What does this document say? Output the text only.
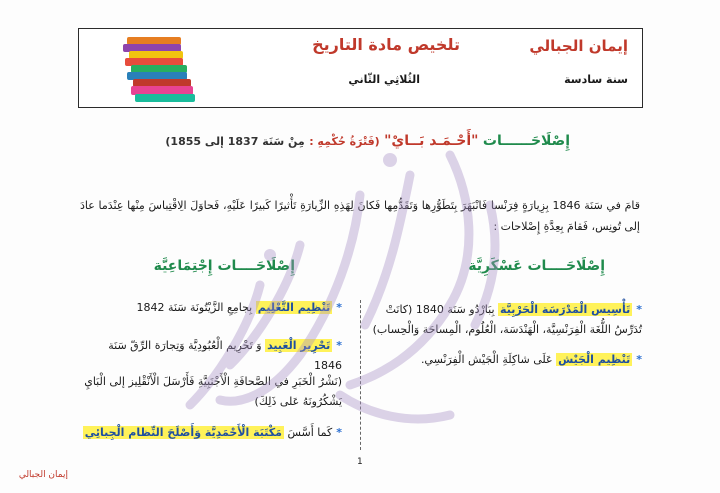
إيمان الجبالي
سنة سادسة
تلخيص مادة التاريخ
الثُلاثِي الثّاني
إِصْلَاحَــــــات "أَحْـمَـد بَــايْ" (فَتْرَةُ حُكْمِهِ : مِنْ سَنَة 1837 إلى 1855)
قامَ في سَنَة 1846 بِزِيارَةٍ فِرَنْسا فَانْبَهَرَ بِتَطَوُّرِها وَتَقَدُّمِها فَكانَ لِهَذِهِ الزِّيارَةِ تَأْثيرًا كَبيرًا عَلَيْهِ، فَحاوَلَ الِاقْتِباسَ مِنْها عِنْدَما عادَ إلى تُونِس، فَقامَ بِعِدَّةِ إِصْلاحات :
إِصْلَاحَــــات عَسْكَرِيَّة
إِصْلَاحَــــات إِجْتِمَاعِيَّة
*تَأْسِيس الْمَدْرَسَة الْحَرْبِيَّة بِبَارْدُو سَنَة 1840 (كانَتْ تُدَرِّسُ اللُّغَة الْفِرَنْسِيَّة، الْهَنْدَسَة، الْعُلُوم، الْمِساحَة وَالْحِساب)
*تَنْظِيم الْجَيْش عَلَى شاكِلَةِ الْجَيْش الْفِرَنْسِي.
*تَنْظِيم التَّعْلِيم بِجامِعِ الزَّيْتُونَة سَنَة 1842
*تَحْرِير الْعَبِيد وَ تَحْرِيم الْعُبُودِيَّة وَتِجارَة الرِّقّ سَنَة 1846
(نَشْرُ الْخَبَرِ في الصَّحافَةِ الْأَجْنَبِيَّةِ فَأَرْسَلَ الْأَنْقْلِيز إلى الْبَايِ يَشْكُرُونَهُ عَلى ذَلِكَ)
*كَما أَسَّسَ مَكْتَبَة الْأَحْمَدِيَّة وَأَصْلَحَ النِّظام الْجِبائِي
1
إيمان الجبالي
